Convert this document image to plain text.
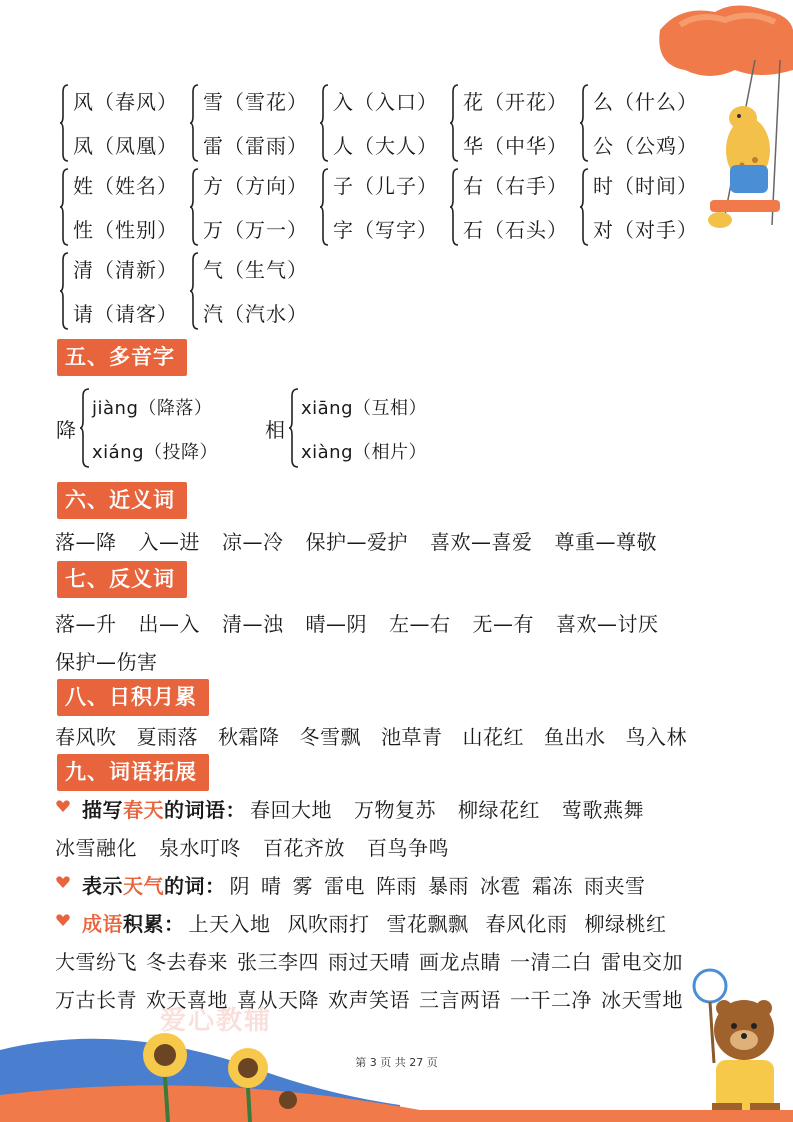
爱心教辅
风（春风）
凤（凤凰）
雪（雪花）
雷（雷雨）
入（入口）
人（大人）
花（开花）
华（中华）
么（什么）
公（公鸡）
姓（姓名）
性（性别）
方（方向）
万（万一）
子（儿子）
字（写字）
右（右手）
石（石头）
时（时间）
对（对手）
清（清新）
请（请客）
气（生气）
汽（汽水）
五、多音字
降
jiàng（降落）
xiáng（投降）
相
xiāng（互相）
xiàng（相片）
六、近义词
落—降 入—进 凉—冷 保护—爱护 喜欢—喜爱 尊重—尊敬
七、反义词
落—升 出—入 清—浊 晴—阴 左—右 无—有 喜欢—讨厌
保护—伤害
八、日积月累
春风吹 夏雨落 秋霜降 冬雪飘 池草青 山花红 鱼出水 鸟入林
九、词语拓展
描写春天的词语： 春回大地 万物复苏 柳绿花红 莺歌燕舞
冰雪融化 泉水叮咚 百花齐放 百鸟争鸣
表示天气的词： 阴 晴 雾 雷电 阵雨 暴雨 冰雹 霜冻 雨夹雪
成语积累： 上天入地 风吹雨打 雪花飘飘 春风化雨 柳绿桃红
大雪纷飞 冬去春来 张三李四 雨过天晴 画龙点睛 一清二白 雷电交加
万古长青 欢天喜地 喜从天降 欢声笑语 三言两语 一干二净 冰天雪地
第 3 页 共 27 页
